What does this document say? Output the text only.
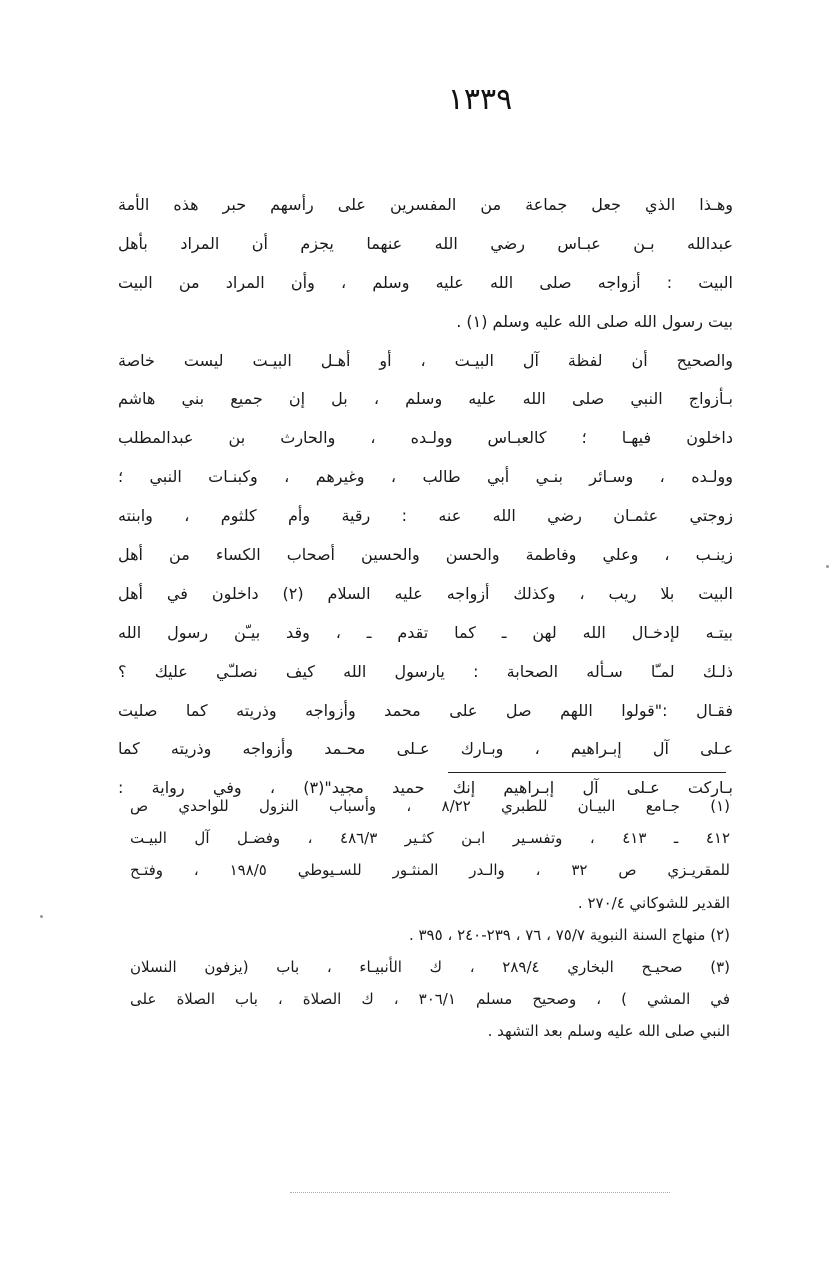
١٣٣٩
وهـذا الذي جعل جماعة من المفسرين على رأسهم حبر هذه الأمة
عبدالله بـن عبـاس رضي الله عنهما يجزم أن المراد بأهل
البيت : أزواجه صلى الله عليه وسلم ، وأن المراد من البيت
بيت رسول الله صلى الله عليه وسلم (١) .
والصحيح أن لفظة آل البيـت ، أو أهـل البيـت ليست خاصة
بـأزواج النبي صلى الله عليه وسلم ، بل إن جميع بني هاشم
داخلون فيهـا ؛ كالعبـاس وولـده ، والحارث بن عبدالمطلب
وولـده ، وسـائر بنـي أبي طالب ، وغيرهم ، وكبنـات النبي ؛
زوجتي عثمـان رضي الله عنه : رقية وأم كلثوم ، وابنته
زينـب ، وعلي وفاطمة والحسن والحسين أصحاب الكساء من أهل
البيت بلا ريب ، وكذلك أزواجه عليه السلام (٢) داخلون في أهل
بيتـه لإدخـال الله لهن ـ كما تقدم ـ ، وقد بيـّن رسول الله
ذلـك لمـّا سـأله الصحابة : يارسول الله كيف نصلـّي عليك ؟
فقـال :"قولوا اللهم صل على محمد وأزواجه وذريته كما صليت
عـلى آل إبـراهيم ، وبـارك عـلى محـمد وأزواجه وذريته كما
بـاركت عـلى آل إبـراهيم إنك حميد مجيد"(٣) ، وفي رواية :
(١) جـامع البيـان للطبري ٨/٢٢ ، وأسباب النزول للواحدي ص
٤١٢ ـ ٤١٣ ، وتفسـير ابـن كثـير ٤٨٦/٣ ، وفضـل آل البيـت
للمقريـزي ص ٣٢ ، والـدر المنثـور للسـيوطي ١٩٨/٥ ، وفتـح
القدير للشوكاني ٢٧٠/٤ .
(٢) منهاج السنة النبوية ٧٥/٧ ، ٧٦ ، ٢٣٩-٢٤٠ ، ٣٩٥ .
(٣) صحيـح البخاري ٢٨٩/٤ ، ك الأنبيـاء ، باب (يزفون النسلان
في المشي ) ، وصحيح مسلم ٣٠٦/١ ، ك الصلاة ، باب الصلاة على
النبي صلى الله عليه وسلم بعد التشهد .
